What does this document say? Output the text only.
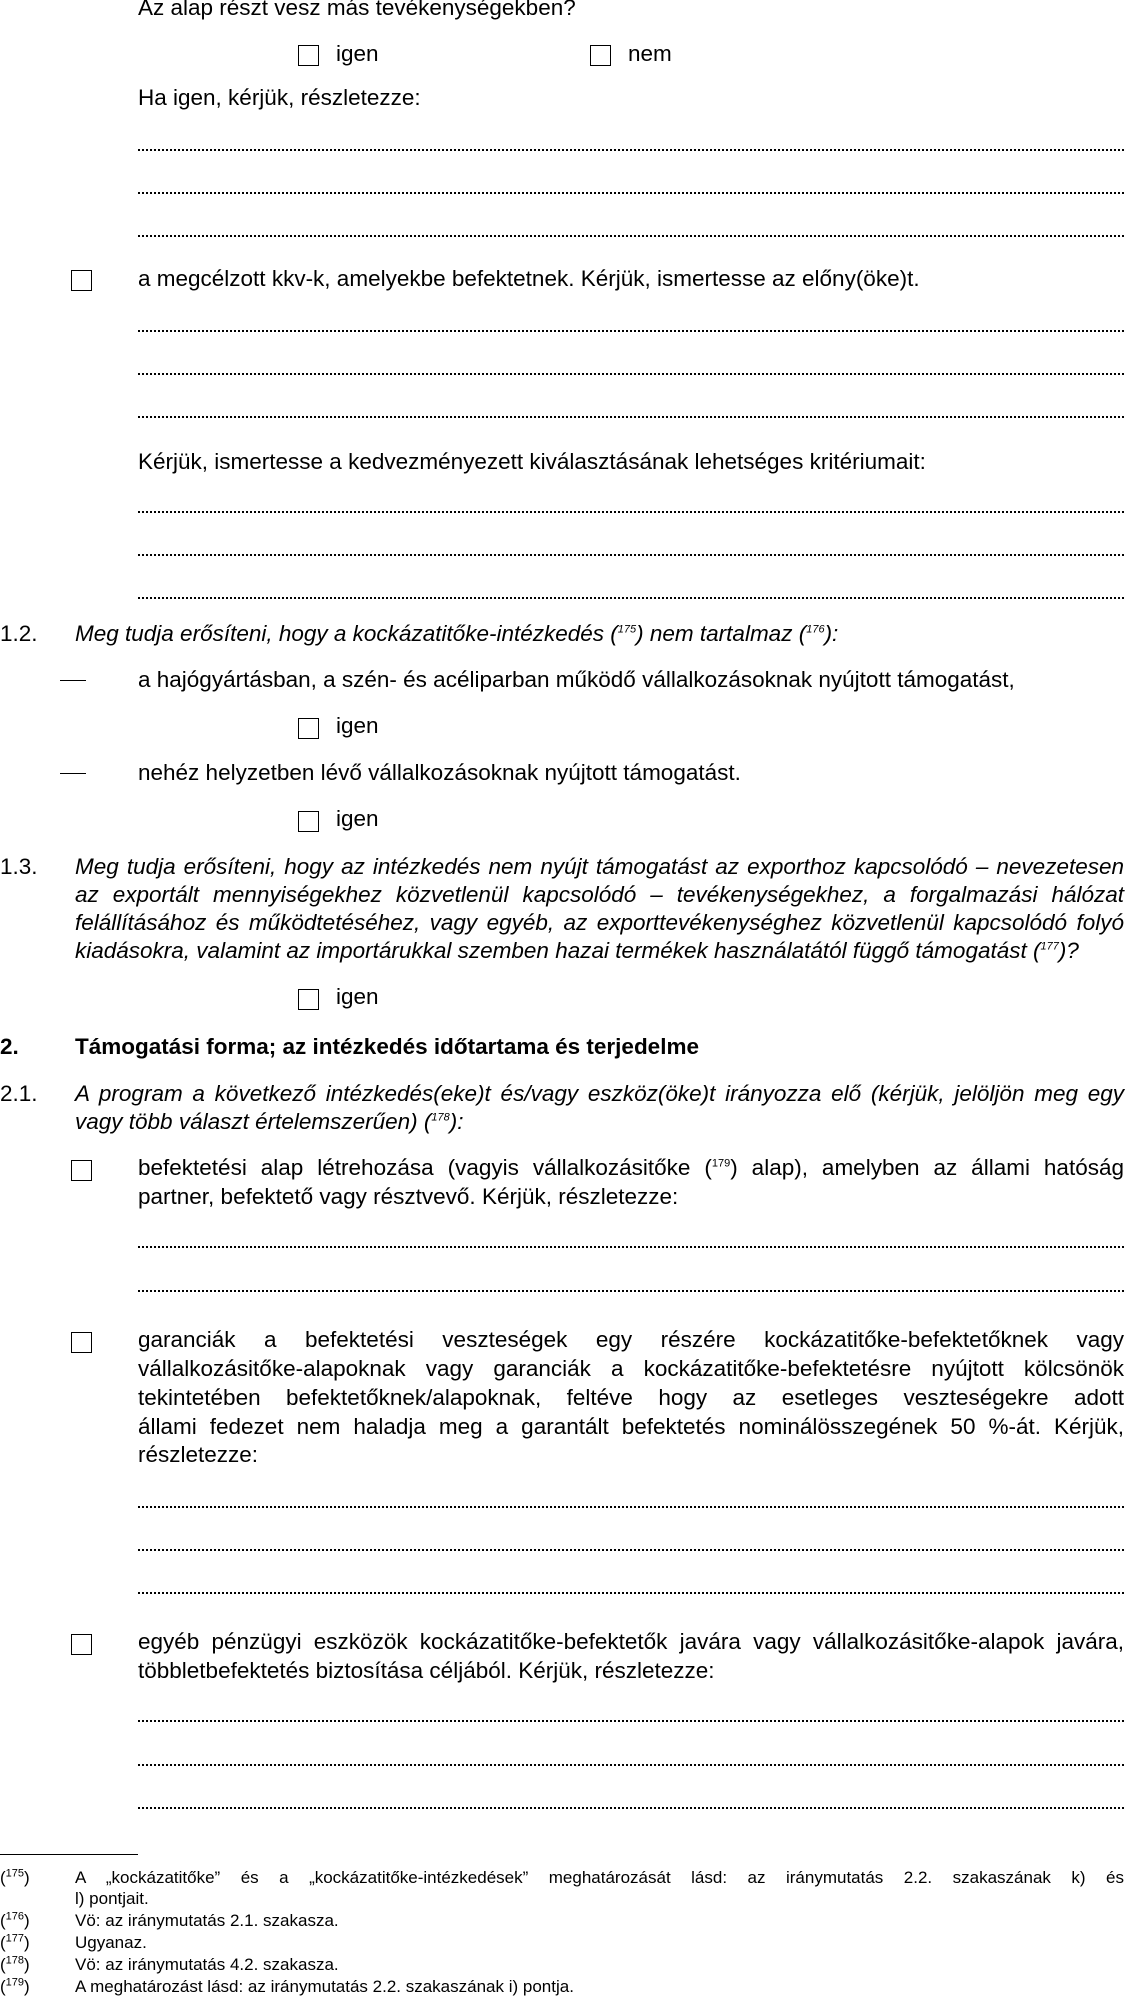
Az alap részt vesz más tevékenységekben?
igen	nem
Ha igen, kérjük, részletezze:
a megcélzott kkv-k, amelyekbe befektetnek. Kérjük, ismertesse az előny(öke)t.
Kérjük, ismertesse a kedvezményezett kiválasztásának lehetséges kritériumait:
1.2. Meg tudja erősíteni, hogy a kockázatitőke-intézkedés ($^{175}$) nem tartalmaz ($^{176}$):
a hajógyártásban, a szén- és acéliparban működő vállalkozásoknak nyújtott támogatást,
igen
nehéz helyzetben lévő vállalkozásoknak nyújtott támogatást.
igen
1.3. Meg tudja erősíteni, hogy az intézkedés nem nyújt támogatást az exporthoz kapcsolódó – nevezetesen
az exportált mennyiségekhez közvetlenül kapcsolódó – tevékenységekhez, a forgalmazási hálózat
felállításához és működtetéséhez, vagy egyéb, az exporttevékenységhez közvetlenül kapcsolódó folyó
kiadásokra, valamint az importárukkal szemben hazai termékek használatától függő támogatást ($^{177}$)?
igen
2. Támogatási forma; az intézkedés időtartama és terjedelme
2.1. A program a következő intézkedés(eke)t és/vagy eszköz(öke)t irányozza elő (kérjük, jelöljön meg egy
vagy több választ értelemszerűen) ($^{178}$):
befektetési alap létrehozása (vagyis vállalkozásitőke ($^{179}$) alap), amelyben az állami hatóság
partner, befektető vagy résztvevő. Kérjük, részletezze:
garanciák a befektetési veszteségek egy részére kockázatitőke-befektetőknek vagy
vállalkozásitőke-alapoknak vagy garanciák a kockázatitőke-befektetésre nyújtott kölcsönök
tekintetében befektetőknek/alapoknak, feltéve hogy az esetleges veszteségekre adott
állami fedezet nem haladja meg a garantált befektetés nominálösszegének 50 %-át. Kérjük,
részletezze:
egyéb pénzügyi eszközök kockázatitőke-befektetők javára vagy vállalkozásitőke-alapok javára,
többletbefektetés biztosítása céljából. Kérjük, részletezze:
($^{175}$)	A „kockázatitőke” és a „kockázatitőke-intézkedések” meghatározását lásd: az iránymutatás 2.2. szakaszának k) és
l) pontjait.
($^{176}$)	Vö: az iránymutatás 2.1. szakasza.
($^{177}$)	Ugyanaz.
($^{178}$)	Vö: az iránymutatás 4.2. szakasza.
($^{179}$)	A meghatározást lásd: az iránymutatás 2.2. szakaszának i) pontja.
